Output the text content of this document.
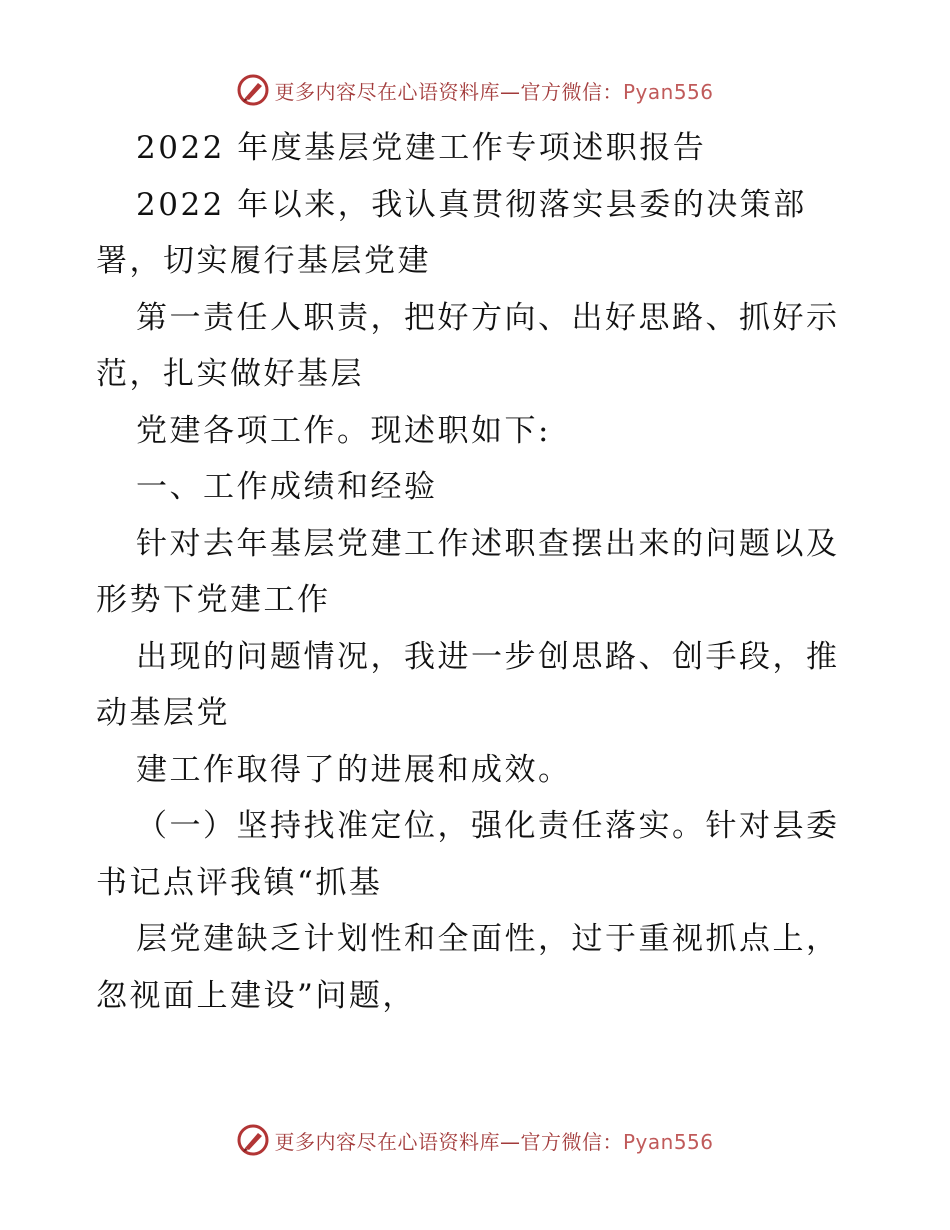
更多内容尽在心语资料库—官方微信：Pyan556
2022 年度基层党建工作专项述职报告
2022 年以来，我认真贯彻落实县委的决策部
署，切实履行基层党建
第一责任人职责，把好方向、出好思路、抓好示
范，扎实做好基层
党建各项工作。现述职如下:
一、工作成绩和经验
针对去年基层党建工作述职查摆出来的问题以及
形势下党建工作
出现的问题情况，我进一步创思路、创手段，推
动基层党
建工作取得了的进展和成效。
（一）坚持找准定位，强化责任落实。针对县委
书记点评我镇“抓基
层党建缺乏计划性和全面性，过于重视抓点上，
忽视面上建设”问题，
更多内容尽在心语资料库—官方微信：Pyan556
